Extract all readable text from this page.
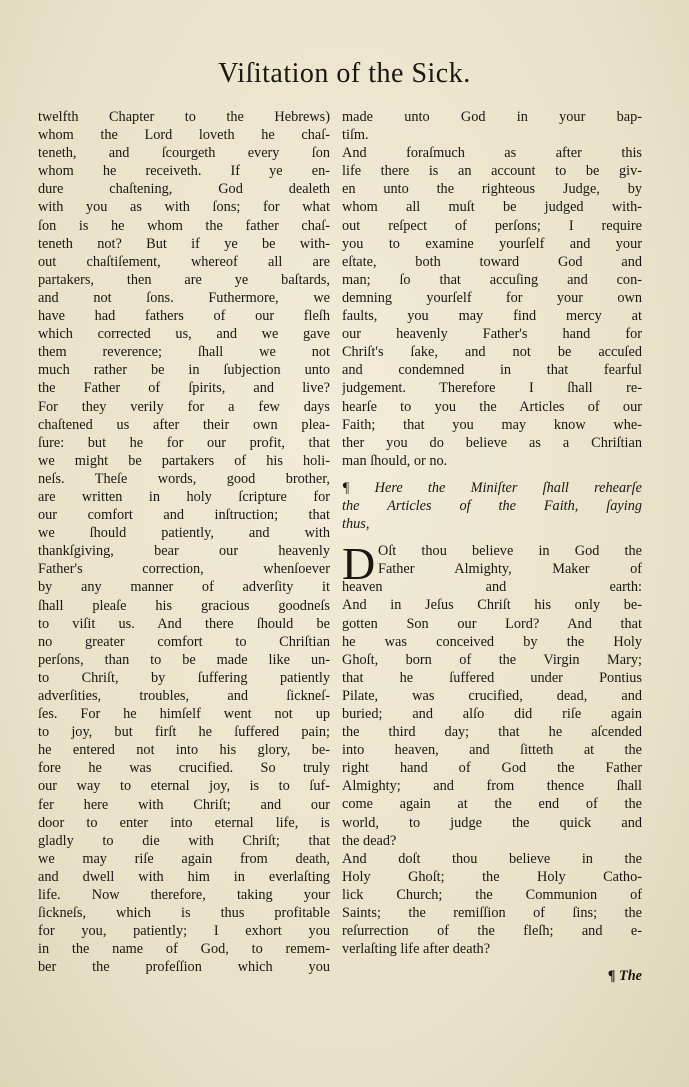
Viſitation of the Sick.
twelfth Chapter to the Hebrews)
whom the Lord loveth he chaſ-
teneth, and ſcourgeth every ſon
whom he receiveth. If ye en-
dure chaſtening, God dealeth
with you as with ſons; for what
ſon is he whom the father chaſ-
teneth not? But if ye be with-
out chaſtiſement, whereof all are
partakers, then are ye baſtards,
and not ſons. Futhermore, we
have had fathers of our fleſh
which corrected us, and we gave
them reverence; ſhall we not
much rather be in ſubjection unto
the Father of ſpirits, and live?
For they verily for a few days
chaſtened us after their own plea-
ſure: but he for our profit, that
we might be partakers of his holi-
neſs. Theſe words, good brother,
are written in holy ſcripture for
our comfort and inſtruction; that
we ſhould patiently, and with
thankſgiving, bear our heavenly
Father's correction, whenſoever
by any manner of adverſity it
ſhall pleaſe his gracious goodneſs
to viſit us. And there ſhould be
no greater comfort to Chriſtian
perſons, than to be made like un-
to Chriſt, by ſuffering patiently
adverſities, troubles, and ſickneſ-
ſes. For he himſelf went not up
to joy, but firſt he ſuffered pain;
he entered not into his glory, be-
fore he was crucified. So truly
our way to eternal joy, is to ſuf-
fer here with Chriſt; and our
door to enter into eternal life, is
gladly to die with Chriſt; that
we may riſe again from death,
and dwell with him in everlaſting
life. Now therefore, taking your
ſickneſs, which is thus profitable
for you, patiently; I exhort you
in the name of God, to remem-
ber the profeſſion which you
made unto God in your bap-
tiſm.
And foraſmuch as after this
life there is an account to be giv-
en unto the righteous Judge, by
whom all muſt be judged with-
out reſpect of perſons; I require
you to examine yourſelf and your
eſtate, both toward God and
man; ſo that accuſing and con-
demning yourſelf for your own
faults, you may find mercy at
our heavenly Father's hand for
Chriſt's ſake, and not be accuſed
and condemned in that fearful
judgement. Therefore I ſhall re-
hearſe to you the Articles of our
Faith; that you may know whe-
ther you do believe as a Chriſtian
man ſhould, or no.
¶ Here the Miniſter ſhall rehearſe
the Articles of the Faith, ſaying
thus,
D Oſt thou believe in God the
Father Almighty, Maker of
heaven and earth:
And in Jeſus Chriſt his only be-
gotten Son our Lord? And that
he was conceived by the Holy
Ghoſt, born of the Virgin Mary;
that he ſuffered under Pontius
Pilate, was crucified, dead, and
buried; and alſo did riſe again
the third day; that he aſcended
into heaven, and ſitteth at the
right hand of God the Father
Almighty; and from thence ſhall
come again at the end of the
world, to judge the quick and
the dead?
And doſt thou believe in the
Holy Ghoſt; the Holy Catho-
lick Church; the Communion of
Saints; the remiſſion of ſins; the
reſurrection of the fleſh; and e-
verlaſting life after death?
¶ The
